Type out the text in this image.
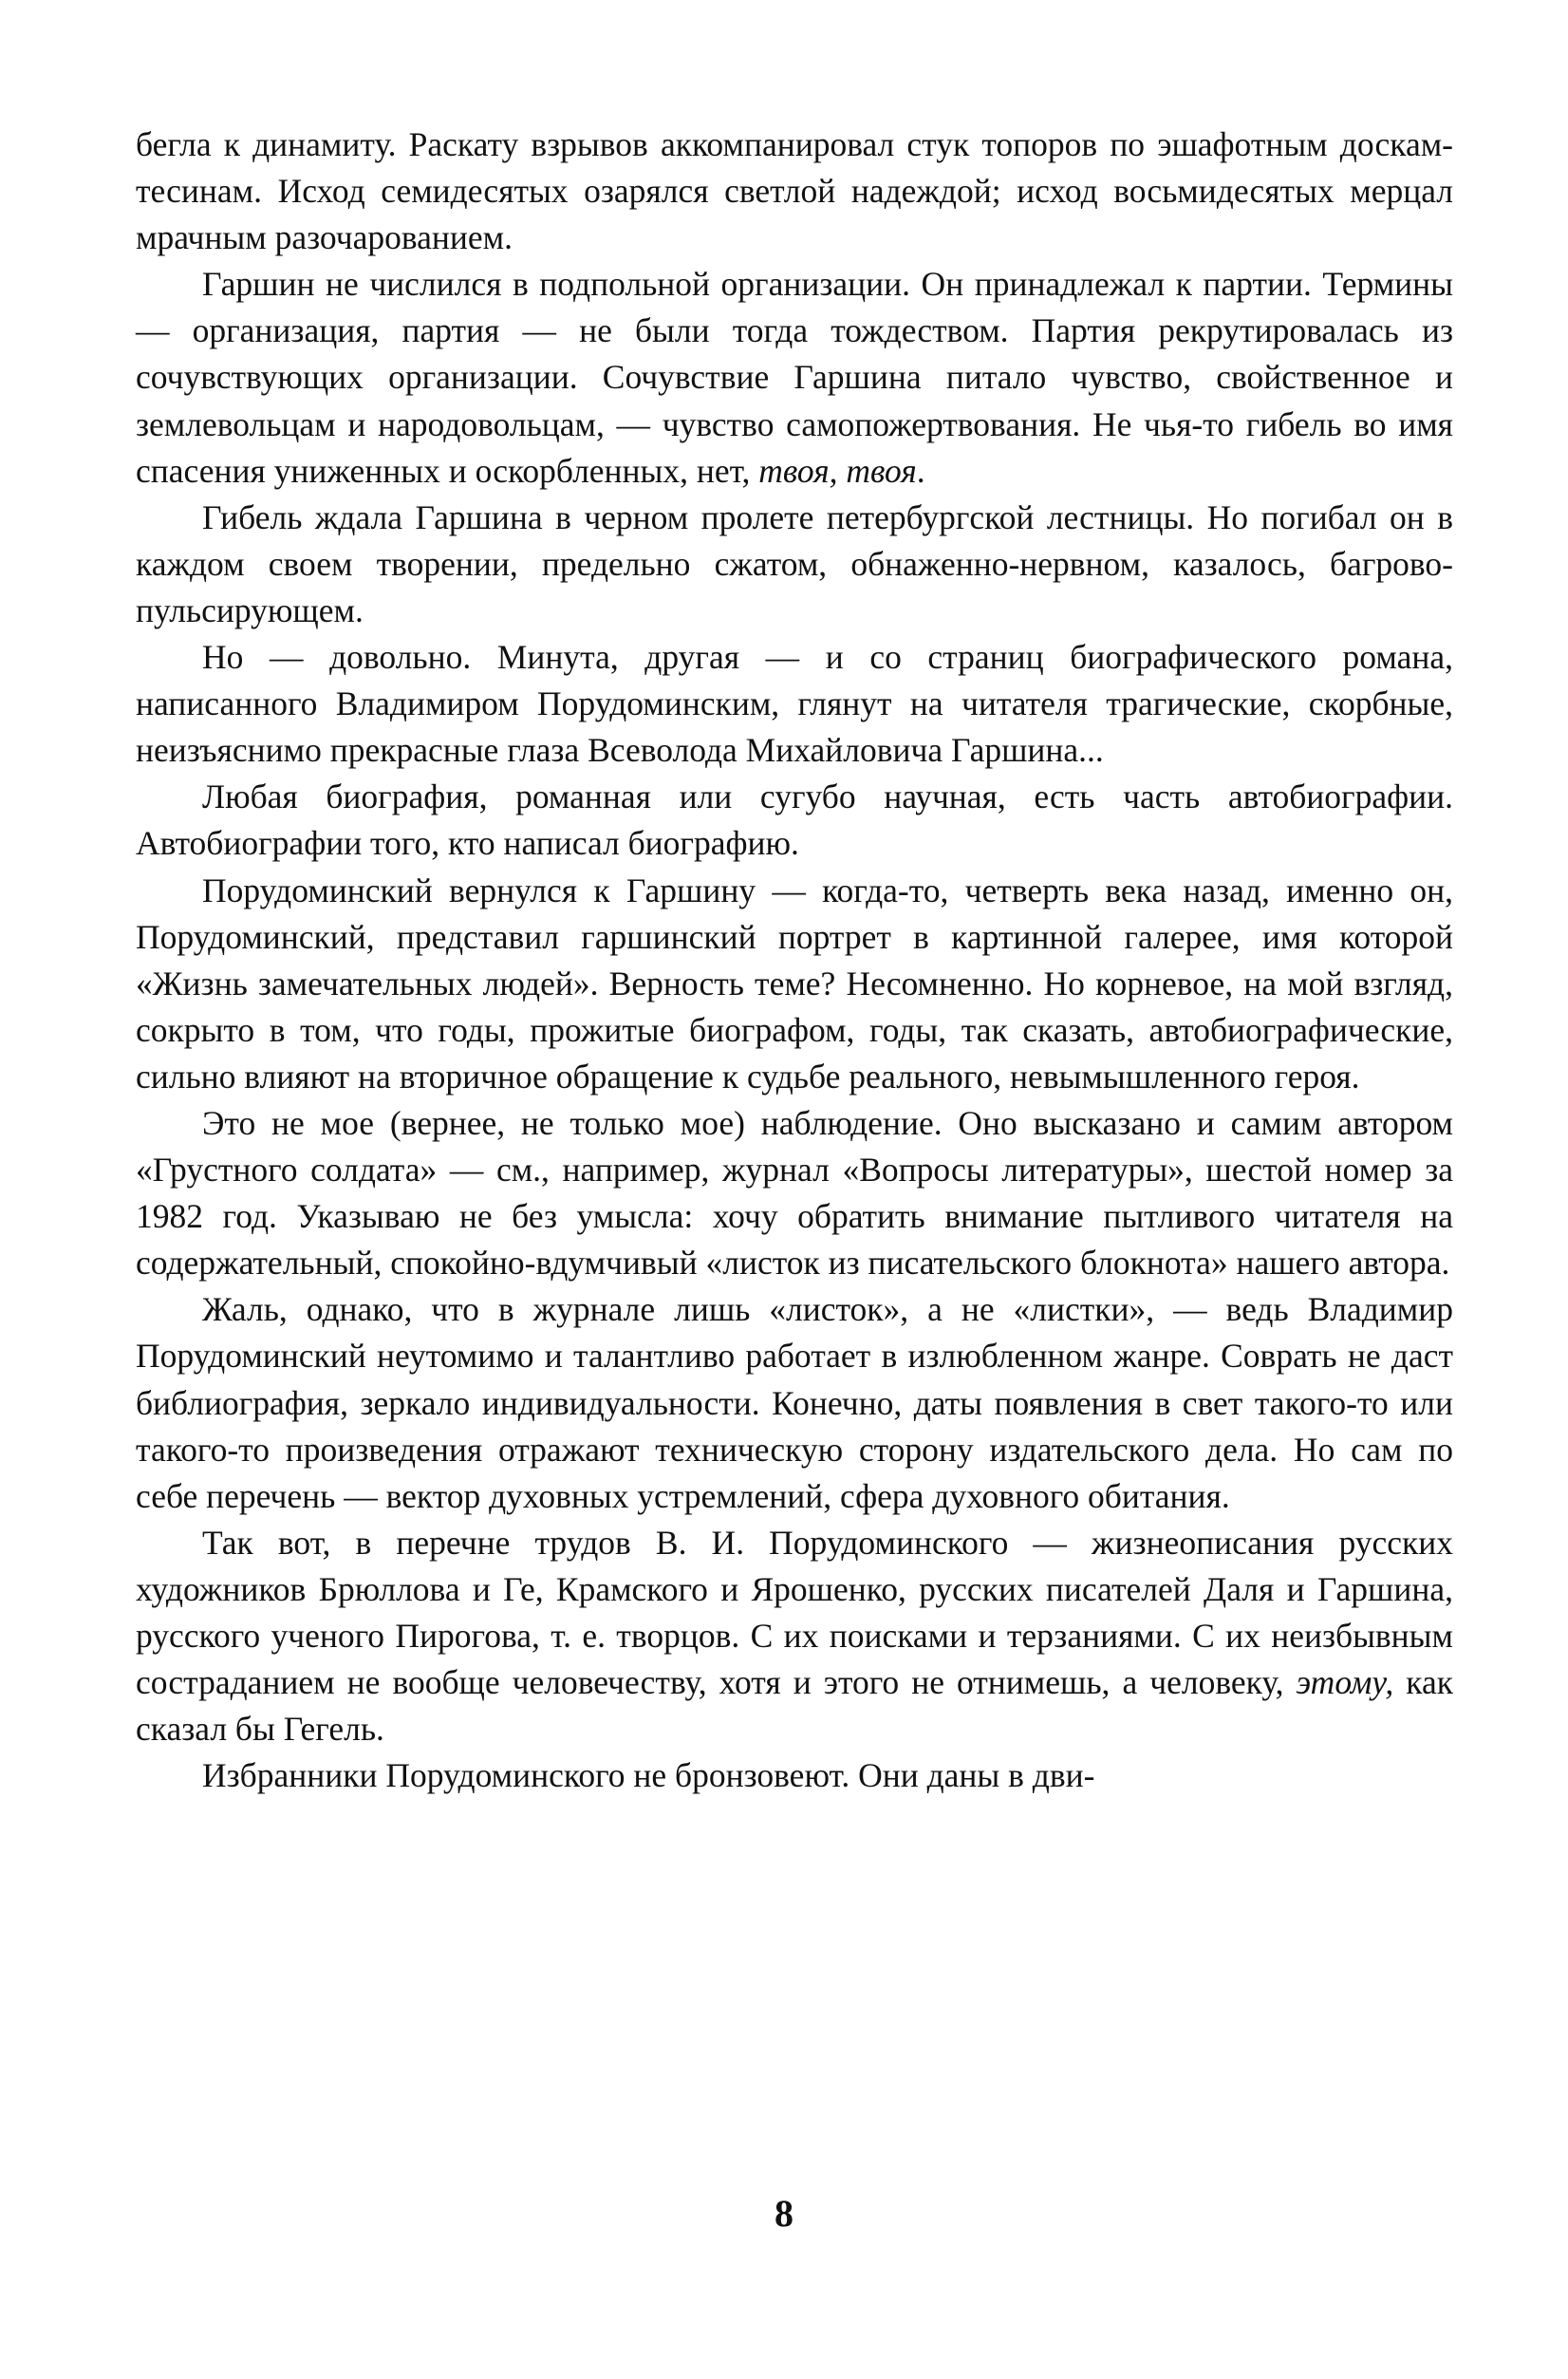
бегла к динамиту. Раскату взрывов аккомпанировал стук топоров по эшафотным доскам-тесинам. Исход семидесятых озарялся светлой надеждой; исход восьмидесятых мерцал мрачным разочарованием.

Гаршин не числился в подпольной организации. Он принадлежал к партии. Термины — организация, партия — не были тогда тождеством. Партия рекрутировалась из сочувствующих организации. Сочувствие Гаршина питало чувство, свойственное и землевольцам и народовольцам, — чувство самопожертвования. Не чья-то гибель во имя спасения униженных и оскорбленных, нет, твоя, твоя.

Гибель ждала Гаршина в черном пролете петербургской лестницы. Но погибал он в каждом своем творении, предельно сжатом, обнаженно-нервном, казалось, багрово-пульсирующем.

Но — довольно. Минута, другая — и со страниц биографического романа, написанного Владимиром Порудоминским, глянут на читателя трагические, скорбные, неизъяснимо прекрасные глаза Всеволода Михайловича Гаршина...

Любая биография, романная или сугубо научная, есть часть автобиографии. Автобиографии того, кто написал биографию.

Порудоминский вернулся к Гаршину — когда-то, четверть века назад, именно он, Порудоминский, представил гаршинский портрет в картинной галерее, имя которой «Жизнь замечательных людей». Верность теме? Несомненно. Но корневое, на мой взгляд, сокрыто в том, что годы, прожитые биографом, годы, так сказать, автобиографические, сильно влияют на вторичное обращение к судьбе реального, невымышленного героя.

Это не мое (вернее, не только мое) наблюдение. Оно высказано и самим автором «Грустного солдата» — см., например, журнал «Вопросы литературы», шестой номер за 1982 год. Указываю не без умысла: хочу обратить внимание пытливого читателя на содержательный, спокойно-вдумчивый «листок из писательского блокнота» нашего автора.

Жаль, однако, что в журнале лишь «листок», а не «листки», — ведь Владимир Порудоминский неутомимо и талантливо работает в излюбленном жанре. Соврать не даст библиография, зеркало индивидуальности. Конечно, даты появления в свет такого-то или такого-то произведения отражают техническую сторону издательского дела. Но сам по себе перечень — вектор духовных устремлений, сфера духовного обитания.

Так вот, в перечне трудов В. И. Порудоминского — жизнеописания русских художников Брюллова и Ге, Крамского и Ярошенко, русских писателей Даля и Гаршина, русского ученого Пирогова, т. е. творцов. С их поисками и терзаниями. С их неизбывным состраданием не вообще человечеству, хотя и этого не отнимешь, а человеку, этому, как сказал бы Гегель.

Избранники Порудоминского не бронзовеют. Они даны в дви-

8
